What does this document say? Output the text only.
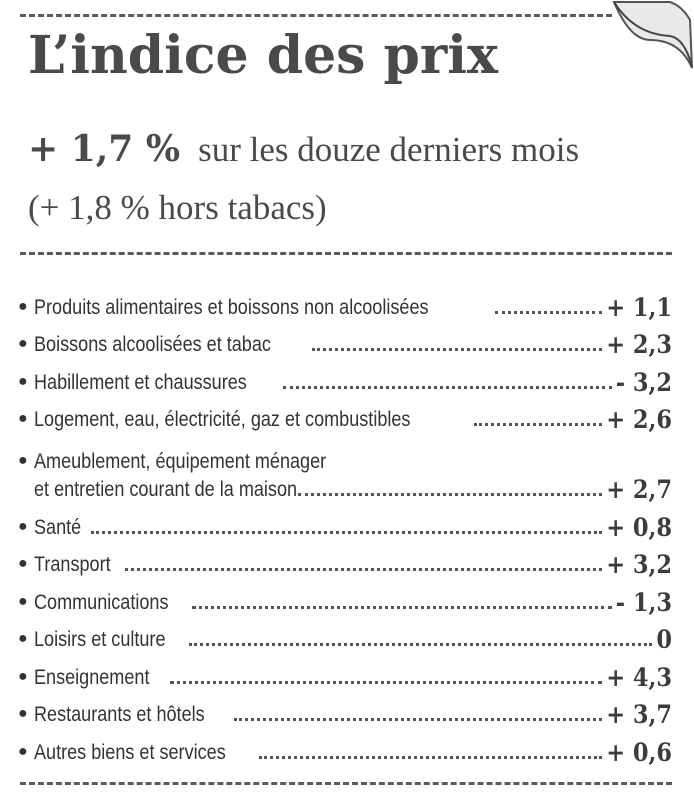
L’indice des prix
+ 1,7 % sur les douze derniers mois
(+ 1,8 % hors tabacs)
● Produits alimentaires et boissons non alcoolisées	+ 1,1
● Boissons alcoolisées et tabac	+ 2,3
● Habillement et chaussures	- 3,2
● Logement, eau, électricité, gaz et combustibles	+ 2,6
● Ameublement, équipement ménager
et entretien courant de la maison	+ 2,7
● Santé	+ 0,8
● Transport	+ 3,2
● Communications	- 1,3
● Loisirs et culture	0
● Enseignement	+ 4,3
● Restaurants et hôtels	+ 3,7
● Autres biens et services	+ 0,6
